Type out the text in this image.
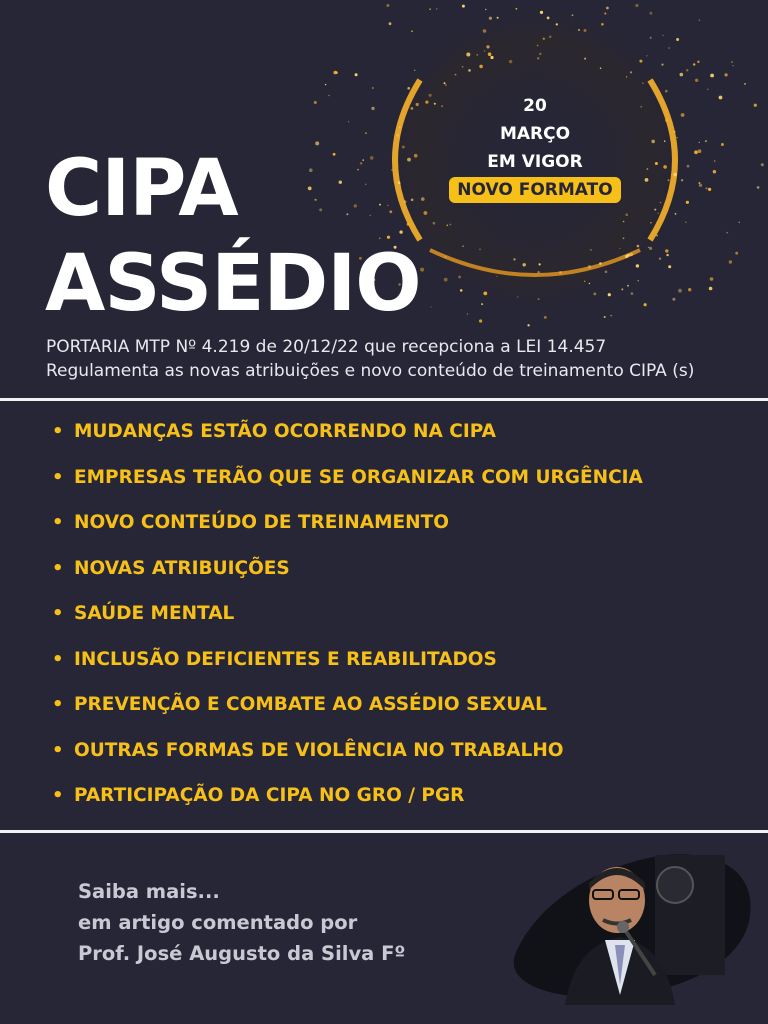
CIPA
ASSÉDIO
20
MARÇO
EM VIGOR
NOVO FORMATO
PORTARIA MTP Nº 4.219 de 20/12/22 que recepciona a LEI 14.457
Regulamenta as novas atribuições e novo conteúdo de treinamento CIPA (s)
• MUDANÇAS ESTÃO OCORRENDO NA CIPA
• EMPRESAS TERÃO QUE SE ORGANIZAR COM URGÊNCIA
• NOVO CONTEÚDO DE TREINAMENTO
• NOVAS ATRIBUIÇÕES
• SAÚDE MENTAL
• INCLUSÃO DEFICIENTES E REABILITADOS
• PREVENÇÃO E COMBATE AO ASSÉDIO SEXUAL
• OUTRAS FORMAS DE VIOLÊNCIA NO TRABALHO
• PARTICIPAÇÃO DA CIPA NO GRO / PGR
Saiba mais...
em artigo comentado por
Prof. José Augusto da Silva Fº
